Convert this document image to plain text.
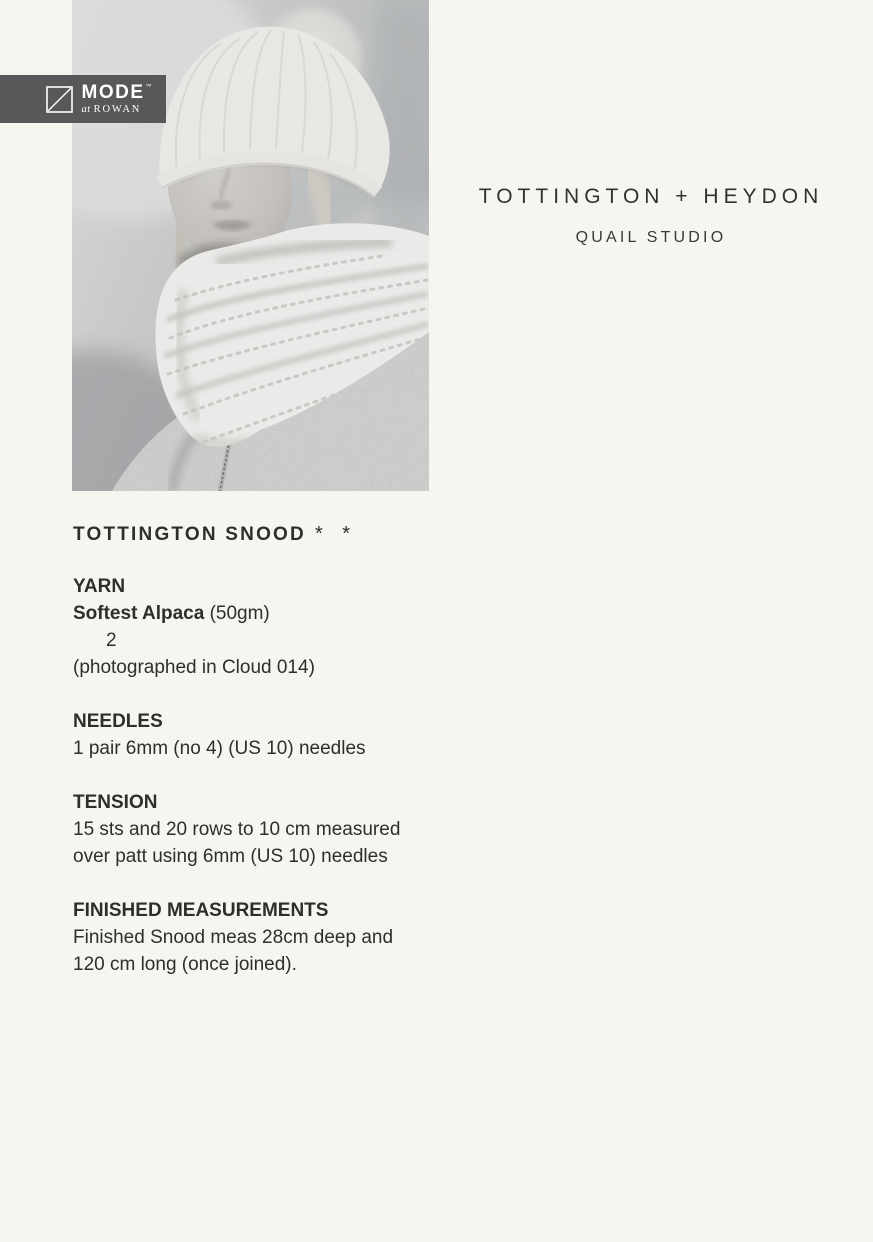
MODE ™
at ROWAN
TOTTINGTON + HEYDON
QUAIL STUDIO
TOTTINGTON SNOOD * *
YARN
Softest Alpaca (50gm)
2
(photographed in Cloud 014)
NEEDLES
1 pair 6mm (no 4) (US 10) needles
TENSION
15 sts and 20 rows to 10 cm measured
over patt using 6mm (US 10) needles
FINISHED MEASUREMENTS
Finished Snood meas 28cm deep and
120 cm long (once joined).
